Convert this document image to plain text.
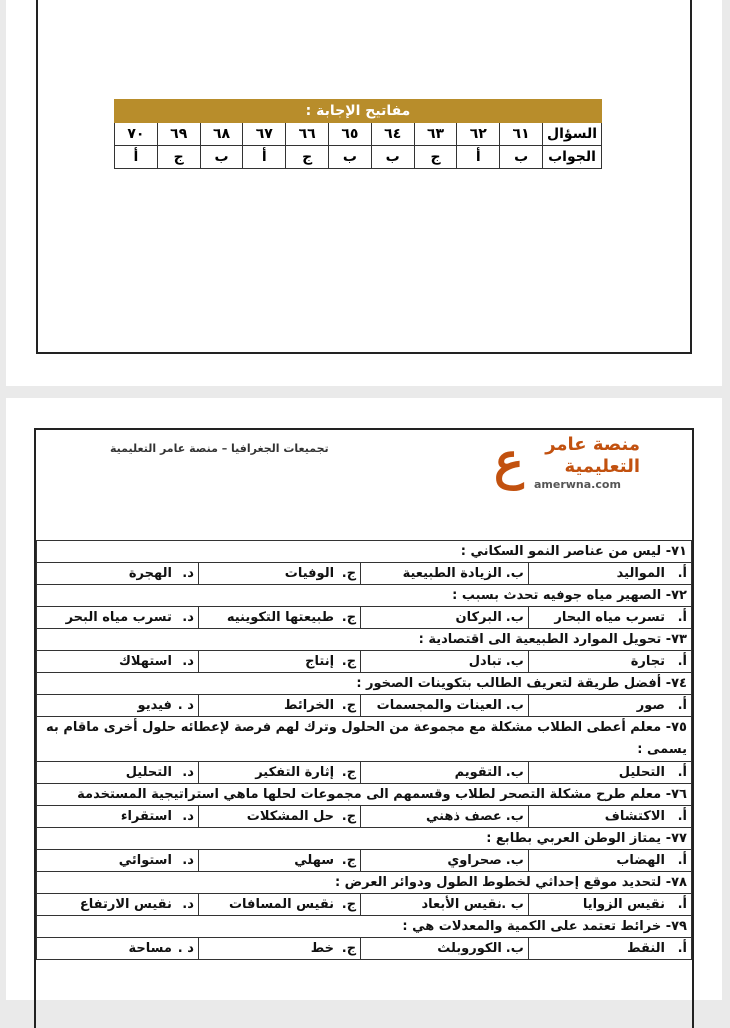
مفاتيح الإجابة :										
السؤال	٦١	٦٢	٦٣	٦٤	٦٥	٦٦	٦٧	٦٨	٦٩	٧٠
الجواب	ب	أ	ج	ب	ب	ج	أ	ب	ج	أ
تجميعات الجغرافيا – منصة عامر التعليمية	ع منصة عامر
التعليمية
amerwna.com
٧١- ليس من عناصر النمو السكاني :			
أ.المواليد	ب.الزيادة الطبيعية	ج.الوفيات	د.الهجرة
٧٢- الصهير مياه جوفيه تحدث بسبب :			
أ.تسرب مياه البحار	ب.البركان	ج.طبيعتها التكوينيه	د.تسرب مياه البحر
٧٣- تحويل الموارد الطبيعية الى اقتصادية :			
أ.تجارة	ب.تبادل	ج.إنتاج	د.استهلاك
٧٤- أفضل طريقة لتعريف الطالب بتكوينات الصخور :			
أ.صور	ب.العينات والمجسمات	ج.الخرائط	د .فيديو
٧٥- معلم أعطى الطلاب مشكلة مع مجموعة من الحلول وترك لهم فرصة لإعطائه حلول أخرى ماقام به يسمى :			
أ.التحليل	ب.التقويم	ج.إثارة التفكير	د.التحليل
٧٦- معلم طرح مشكلة التصحر لطلاب وقسمهم الى مجموعات لحلها ماهي استراتيجية المستخدمة			
أ.الاكتشاف	ب.عصف ذهني	ج.حل المشكلات	د.استقراء
٧٧- يمتاز الوطن العربي بطابع :			
أ.الهضاب	ب.صحراوي	ج.سهلي	د.استوائي
٧٨- لتحديد موقع إحداثي لخطوط الطول ودوائر العرض :			
أ.نقيس الزوايا	ب .نقيس الأبعاد	ج.نقيس المسافات	د.نقيس الارتفاع
٧٩- خرائط تعتمد على الكمية والمعدلات هي :			
أ.النقط	ب.الكوروبلث	ج.خط	د .مساحة
